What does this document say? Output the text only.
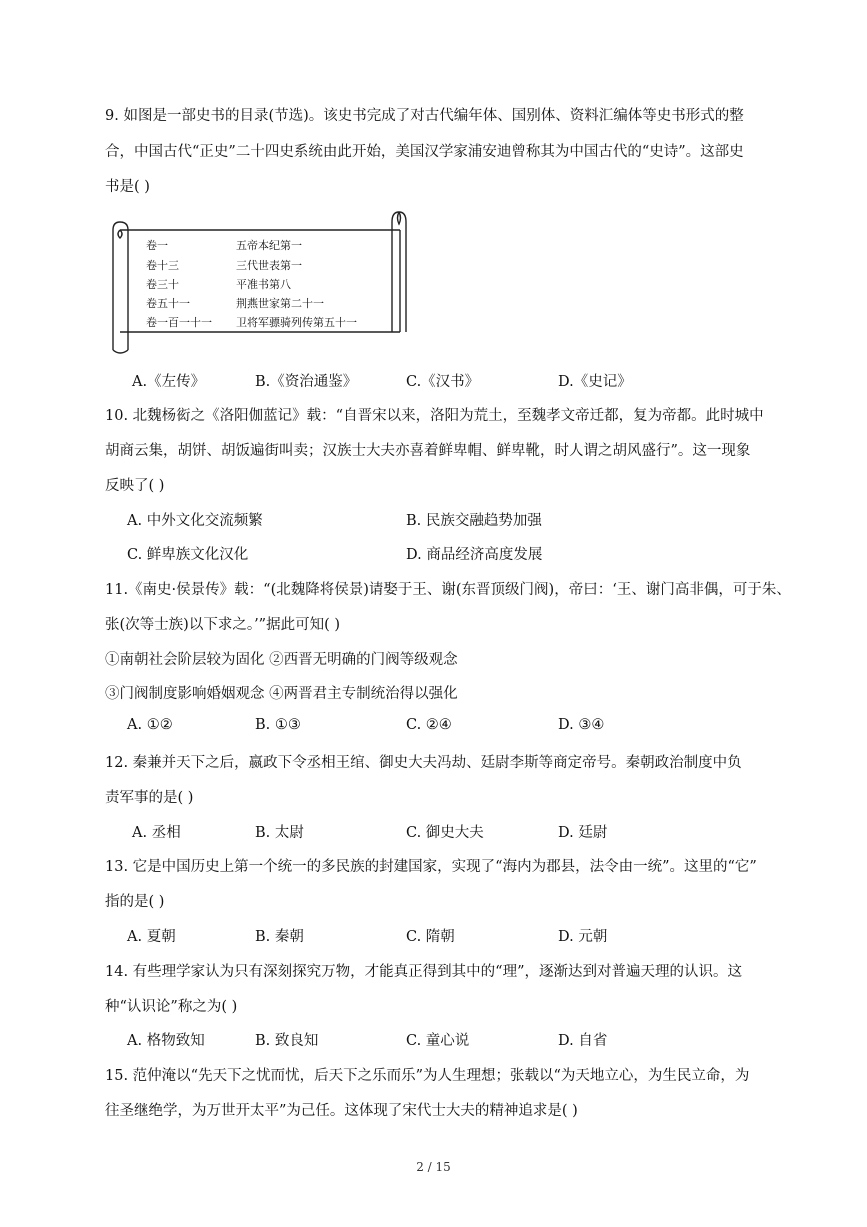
9. 如图是一部史书的目录(节选)。该史书完成了对古代编年体、国别体、资料汇编体等史书形式的整
合，中国古代“正史”二十四史系统由此开始，美国汉学家浦安迪曾称其为中国古代的“史诗”。这部史
书是( )
卷一	五帝本纪第一
卷十三	三代世表第一
卷三十	平准书第八
卷五十一	荆燕世家第二十一
卷一百一十一 卫将军骠骑列传第五十一
A.《左传》	B.《资治通鉴》	C.《汉书》	D.《史记》
10. 北魏杨衒之《洛阳伽蓝记》载：“自晋宋以来，洛阳为荒土，至魏孝文帝迁都，复为帝都。此时城中
胡商云集，胡饼、胡饭遍街叫卖；汉族士大夫亦喜着鲜卑帽、鲜卑靴，时人谓之胡风盛行”。这一现象
反映了( )
A. 中外文化交流频繁	B. 民族交融趋势加强
C. 鲜卑族文化汉化	D. 商品经济高度发展
11.《南史·侯景传》载：“(北魏降将侯景)请娶于王、谢(东晋顶级门阀)，帝曰：‘王、谢门高非偶，可于朱、
张(次等士族)以下求之。’”据此可知( )
①南朝社会阶层较为固化 ②西晋无明确的门阀等级观念
③门阀制度影响婚姻观念 ④两晋君主专制统治得以强化
A. ①②	B. ①③	C. ②④	D. ③④
12. 秦兼并天下之后，嬴政下令丞相王绾、御史大夫冯劫、廷尉李斯等商定帝号。秦朝政治制度中负
责军事的是( )
A. 丞相	B. 太尉	C. 御史大夫	D. 廷尉
13. 它是中国历史上第一个统一的多民族的封建国家，实现了“海内为郡县，法令由一统”。这里的“它”
指的是( )
A. 夏朝	B. 秦朝	C. 隋朝	D. 元朝
14. 有些理学家认为只有深刻探究万物，才能真正得到其中的“理”，逐渐达到对普遍天理的认识。这
种“认识论”称之为( )
A. 格物致知	B. 致良知	C. 童心说	D. 自省
15. 范仲淹以“先天下之忧而忧，后天下之乐而乐”为人生理想；张载以“为天地立心，为生民立命，为
往圣继绝学，为万世开太平”为己任。这体现了宋代士大夫的精神追求是( )
2 / 15
